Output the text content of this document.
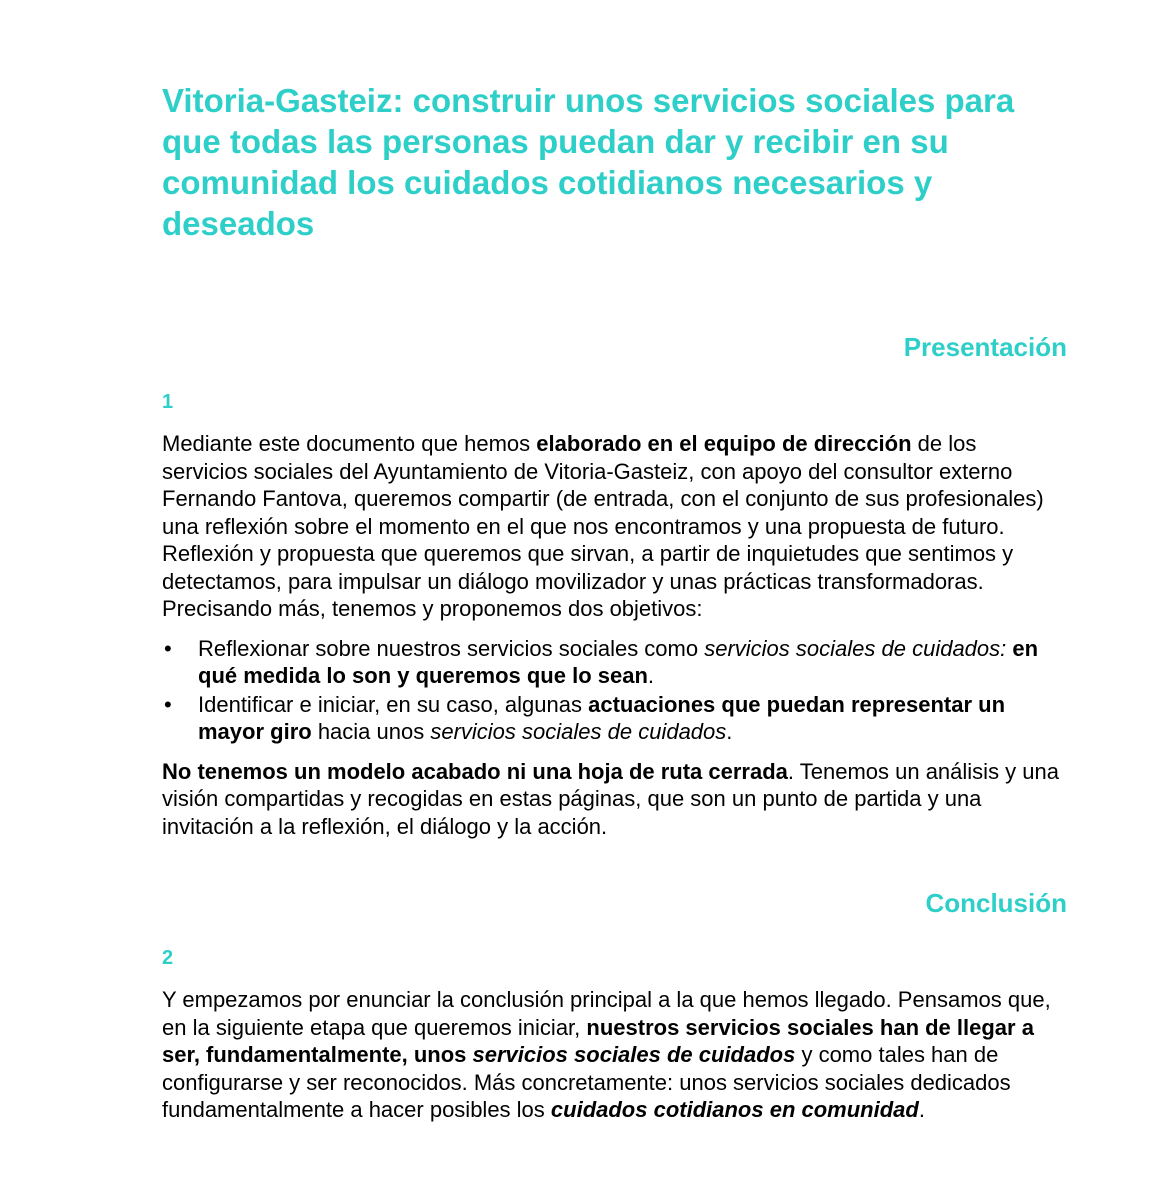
Vitoria-Gasteiz: construir unos servicios sociales para que todas las personas puedan dar y recibir en su comunidad los cuidados cotidianos necesarios y deseados
Presentación
1

Mediante este documento que hemos elaborado en el equipo de dirección de los servicios sociales del Ayuntamiento de Vitoria-Gasteiz, con apoyo del consultor externo Fernando Fantova, queremos compartir (de entrada, con el conjunto de sus profesionales) una reflexión sobre el momento en el que nos encontramos y una propuesta de futuro. Reflexión y propuesta que queremos que sirvan, a partir de inquietudes que sentimos y detectamos, para impulsar un diálogo movilizador y unas prácticas transformadoras. Precisando más, tenemos y proponemos dos objetivos:

• Reflexionar sobre nuestros servicios sociales como servicios sociales de cuidados: en qué medida lo son y queremos que lo sean.
• Identificar e iniciar, en su caso, algunas actuaciones que puedan representar un mayor giro hacia unos servicios sociales de cuidados.

No tenemos un modelo acabado ni una hoja de ruta cerrada. Tenemos un análisis y una visión compartidas y recogidas en estas páginas, que son un punto de partida y una invitación a la reflexión, el diálogo y la acción.

Conclusión
2

Y empezamos por enunciar la conclusión principal a la que hemos llegado. Pensamos que, en la siguiente etapa que queremos iniciar, nuestros servicios sociales han de llegar a ser, fundamentalmente, unos servicios sociales de cuidados y como tales han de configurarse y ser reconocidos. Más concretamente: unos servicios sociales dedicados fundamentalmente a hacer posibles los cuidados cotidianos en comunidad.
